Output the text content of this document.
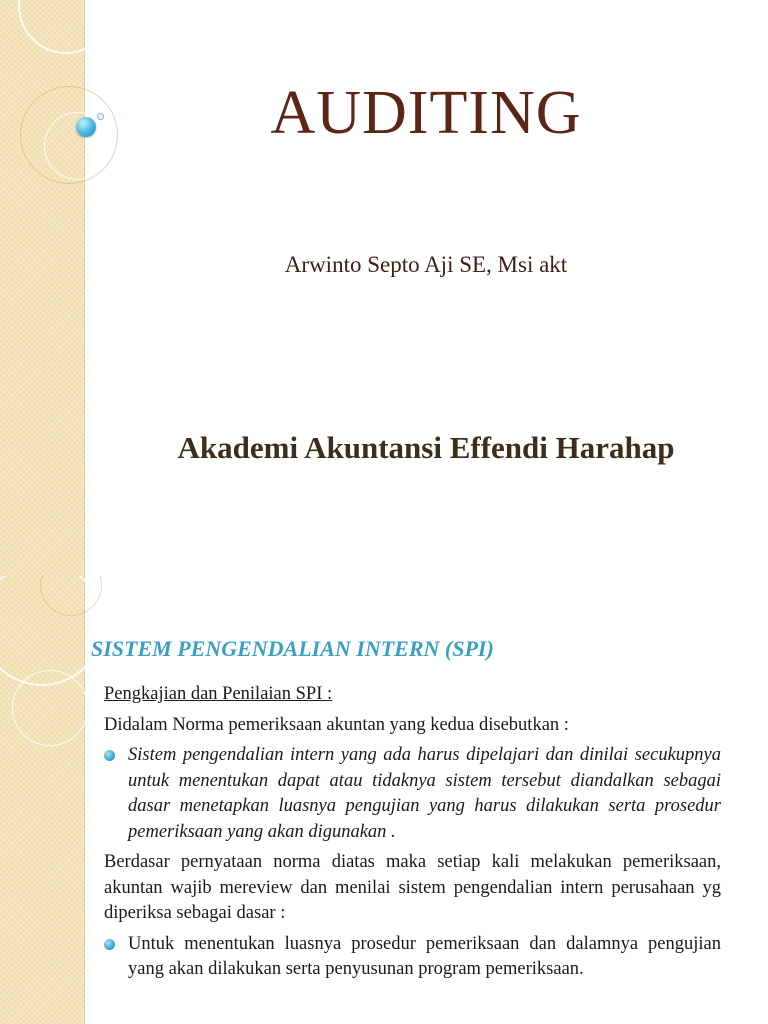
AUDITING
Arwinto Septo Aji SE, Msi akt
Akademi Akuntansi Effendi Harahap
SISTEM PENGENDALIAN INTERN (SPI)

Pengkajian dan Penilaian SPI :

Didalam Norma pemeriksaan akuntan yang kedua disebutkan :

Sistem pengendalian intern yang ada harus dipelajari dan dinilai secukupnya untuk menentukan dapat atau tidaknya sistem tersebut diandalkan sebagai dasar menetapkan luasnya pengujian yang harus dilakukan serta prosedur pemeriksaan yang akan digunakan .

Berdasar pernyataan norma diatas maka setiap kali melakukan pemeriksaan, akuntan wajib mereview dan menilai sistem pengendalian intern perusahaan yg diperiksa sebagai dasar :

Untuk menentukan luasnya prosedur pemeriksaan dan dalamnya pengujian yang akan dilakukan serta penyusunan program pemeriksaan.
